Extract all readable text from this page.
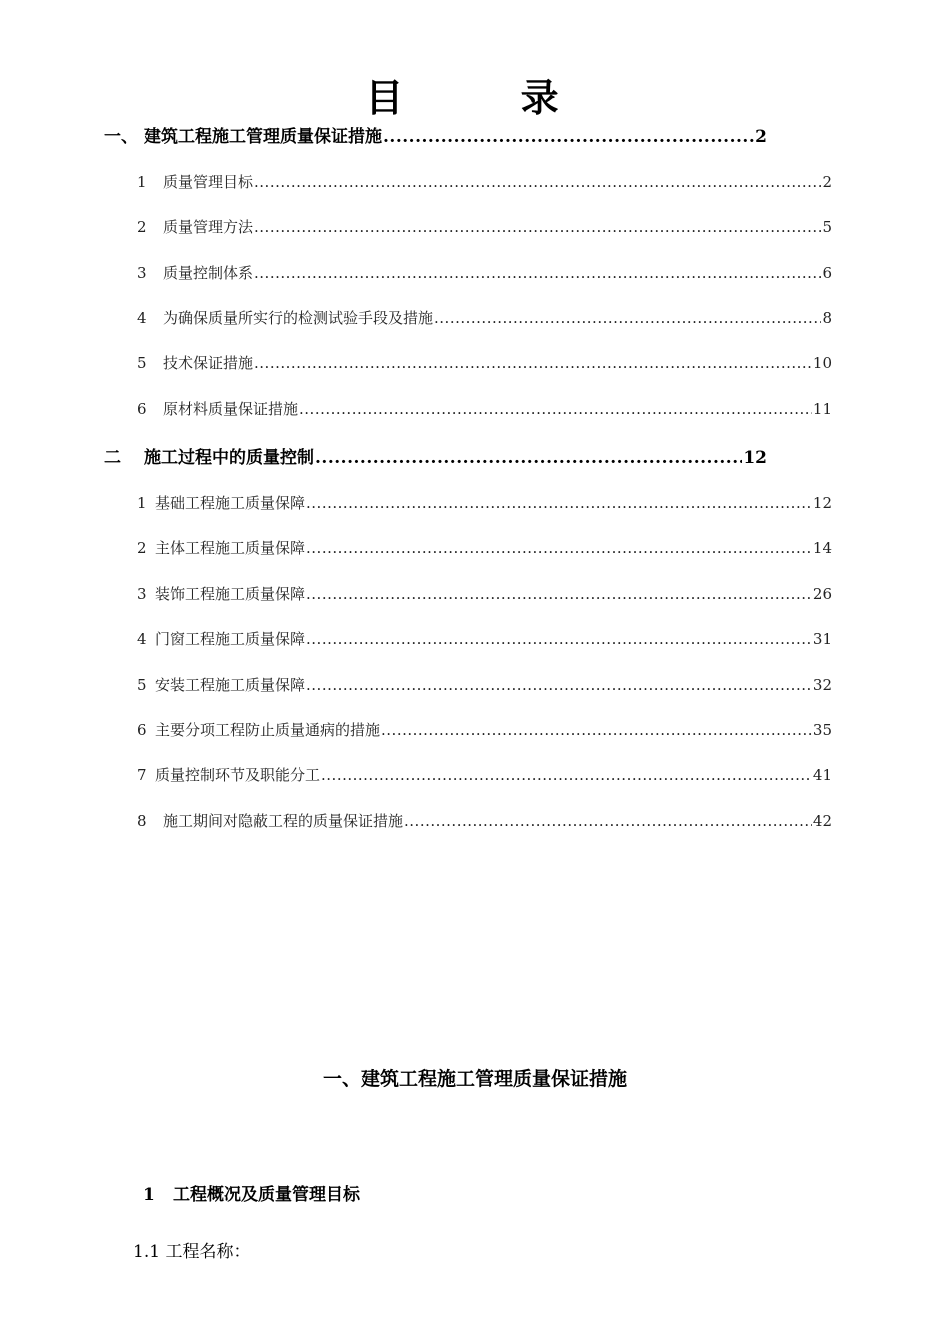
目 录
一、 建筑工程施工管理质量保证措施 .....	2
1	质量管理目标 .....	2
2	质量管理方法 .....	5
3	质量控制体系 .....	6
4	为确保质量所实行的检测试验手段及措施 .....	8
5	技术保证措施 .....	10
6	原材料质量保证措施 .....	11
二	施工过程中的质量控制 .....	12
1 基础工程施工质量保障 .....	12
2 主体工程施工质量保障 .....	14
3 装饰工程施工质量保障 .....	26
4 门窗工程施工质量保障 .....	31
5 安装工程施工质量保障 .....	32
6 主要分项工程防止质量通病的措施 .....	35
7 质量控制环节及职能分工 .....	41
8	施工期间对隐蔽工程的质量保证措施 .....	42
一、建筑工程施工管理质量保证措施
1 工程概况及质量管理目标
1.1 工程名称：
